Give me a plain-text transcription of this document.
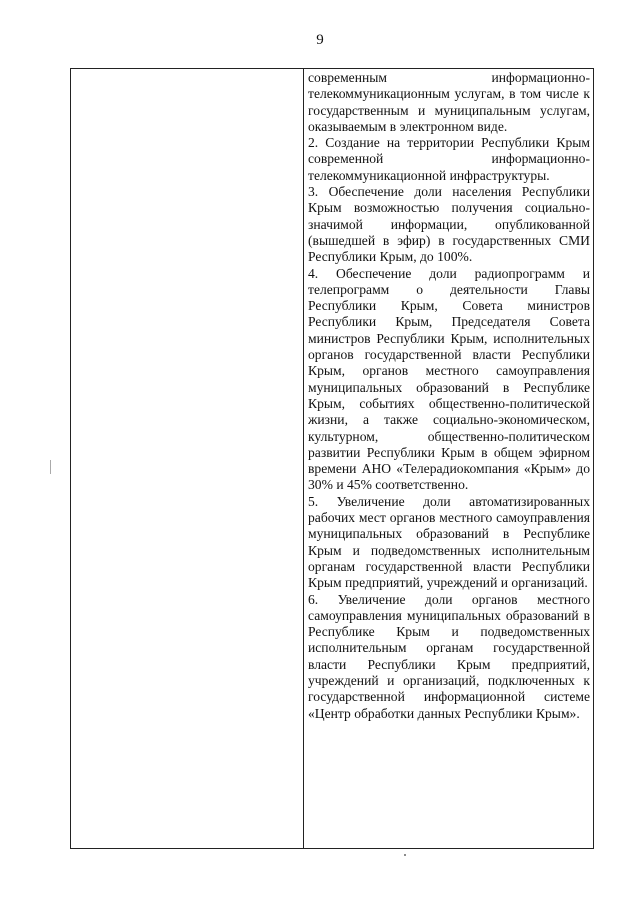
9

современным информационно-телекоммуникационным услугам, в том числе к государственным и муниципальным услугам, оказываемым в электронном виде.

2. Создание на территории Республики Крым современной информационно-телекоммуникационной инфраструктуры.

3. Обеспечение доли населения Республики Крым возможностью получения социально-значимой информации, опубликованной (вышедшей в эфир) в государственных СМИ Республики Крым, до 100%.

4. Обеспечение доли радиопрограмм и телепрограмм о деятельности Главы Республики Крым, Совета министров Республики Крым, Председателя Совета министров Республики Крым, исполнительных органов государственной власти Республики Крым, органов местного самоуправления муниципальных образований в Республике Крым, событиях общественно-политической жизни, а также социально-экономическом, культурном, общественно-политическом развитии Республики Крым в общем эфирном времени АНО «Телерадиокомпания «Крым» до 30% и 45% соответственно.

5. Увеличение доли автоматизированных рабочих мест органов местного самоуправления муниципальных образований в Республике Крым и подведомственных исполнительным органам государственной власти Республики Крым предприятий, учреждений и организаций.

6. Увеличение доли органов местного самоуправления муниципальных образований в Республике Крым и подведомственных исполнительным органам государственной власти Республики Крым предприятий, учреждений и организаций, подключенных к государственной информационной системе «Центр обработки данных Республики Крым».
